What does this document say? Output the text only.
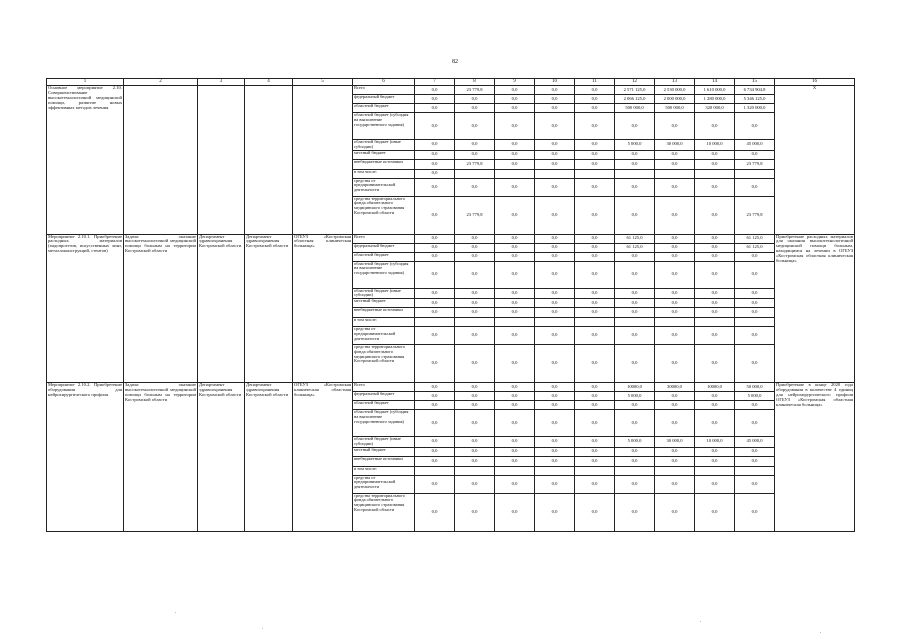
82
1	2	3	4	5	6	7	8	9	10	11	12	13	14	15	16
Основное мероприятие 2.10. Совершенствование высокотехнологичной медицинской помощи, развитие новых эффективных методов лечения					Всего	0,0	23 779,8	0,0	0,0	0,0	2 571 125,0	2 530 000,0	1 610 000,0	6 734 904,8	Х
					федеральный бюджет	0,0	0,0	0,0	0,0	0,0	2 066 125,0	2 000 000,0	1 280 000,0	5 346 125,0	
					областной бюджет	0,0	0,0	0,0	0,0	0,0	500 000,0	500 000,0	320 000,0	1 320 000,0	
					областной бюджет (субсидия на выполнение государственного задания)	0,0	0,0	0,0	0,0	0,0	0,0	0,0	0,0	0,0	
					областной бюджет (иные субсидии)	0,0	0,0	0,0	0,0	0,0	5 000,0	30 000,0	10 000,0	45 000,0	
					местный бюджет	0,0	0,0	0,0	0,0	0,0	0,0	0,0	0,0	0,0	
					внебюджетные источники	0,0	23 779,8	0,0	0,0	0,0	0,0	0,0	0,0	23 779,8	
					в том числе:	0,0									
					средства от предпринимательской деятельности	0,0	0,0	0,0	0,0	0,0	0,0	0,0	0,0	0,0	
					средства территориального фонда обязательного медицинского страхования Костромской области	0,0	23 779,8	0,0	0,0	0,0	0,0	0,0	0,0	23 779,8	
Мероприятие 2.10.1. Приобретение расходных материалов (эндопротезов, искусственных линз, металлоконструкций, стентов)	Задача: оказание высокотехнологичной медицинской помощи больным на территории Костромской области	Департамент здравоохранения Костромской области	Департамент здравоохранения Костромской области	ОГБУЗ «Костромская областная клиническая больница»	Всего	0,0	0,0	0,0	0,0	0,0	61 125,0	0,0	0,0	61 125,0	Приобретение расходных материалов для оказания высокотехнологичной медицинской помощи больным, находящимся на лечении в ОГБУЗ «Костромская областная клиническая больница»
					федеральный бюджет	0,0	0,0	0,0	0,0	0,0	61 125,0	0,0	0,0	61 125,0	
					областной бюджет	0,0	0,0	0,0	0,0	0,0	0,0	0,0	0,0	0,0	
					областной бюджет (субсидия на выполнение государственного задания)	0,0	0,0	0,0	0,0	0,0	0,0	0,0	0,0	0,0	
					областной бюджет (иные субсидии)	0,0	0,0	0,0	0,0	0,0	0,0	0,0	0,0	0,0	
					местный бюджет	0,0	0,0	0,0	0,0	0,0	0,0	0,0	0,0	0,0	
					внебюджетные источники	0,0	0,0	0,0	0,0	0,0	0,0	0,0	0,0	0,0	
					в том числе:										
					средства от предпринимательской деятельности	0,0	0,0	0,0	0,0	0,0	0,0	0,0	0,0	0,0	
					средства территориального фонда обязательного медицинского страхования Костромской области	0,0	0,0	0,0	0,0	0,0	0,0	0,0	0,0	0,0	
Мероприятие 2.10.2. Приобретение оборудования для нейрохирургического профиля	Задача: оказание высокотехнологичной медицинской помощи больным на территории Костромской области	Департамент здравоохранения Костромской области	Департамент здравоохранения Костромской области	ОГБУЗ «Костромская клиническая областная больница»	Всего	0,0	0,0	0,0	0,0	0,0	10000,0	30000,0	10000,0	50 000,0	Приобретение в конце 2020 года оборудования в количестве 4 единиц для нейрохирургического профиля ОГБУЗ «Костромская областная клиническая больница»
					федеральный бюджет	0,0	0,0	0,0	0,0	0,0	5 000,0	0,0	0,0	5 000,0	
					областной бюджет	0,0	0,0	0,0	0,0	0,0	0,0	0,0	0,0	0,0	
					областной бюджет (субсидия на выполнение государственного задания)	0,0	0,0	0,0	0,0	0,0	0,0	0,0	0,0	0,0	
					областной бюджет (иные субсидии)	0,0	0,0	0,0	0,0	0,0	5 000,0	30 000,0	10 000,0	45 000,0	
					местный бюджет	0,0	0,0	0,0	0,0	0,0	0,0	0,0	0,0	0,0	
					внебюджетные источники	0,0	0,0	0,0	0,0	0,0	0,0	0,0	0,0	0,0	
					в том числе:										
					средства от предпринимательской деятельности	0,0	0,0	0,0	0,0	0,0	0,0	0,0	0,0	0,0	
					средства территориального фонда обязательного медицинского страхования Костромской области	0,0	0,0	0,0	0,0	0,0	0,0	0,0	0,0	0,0	
